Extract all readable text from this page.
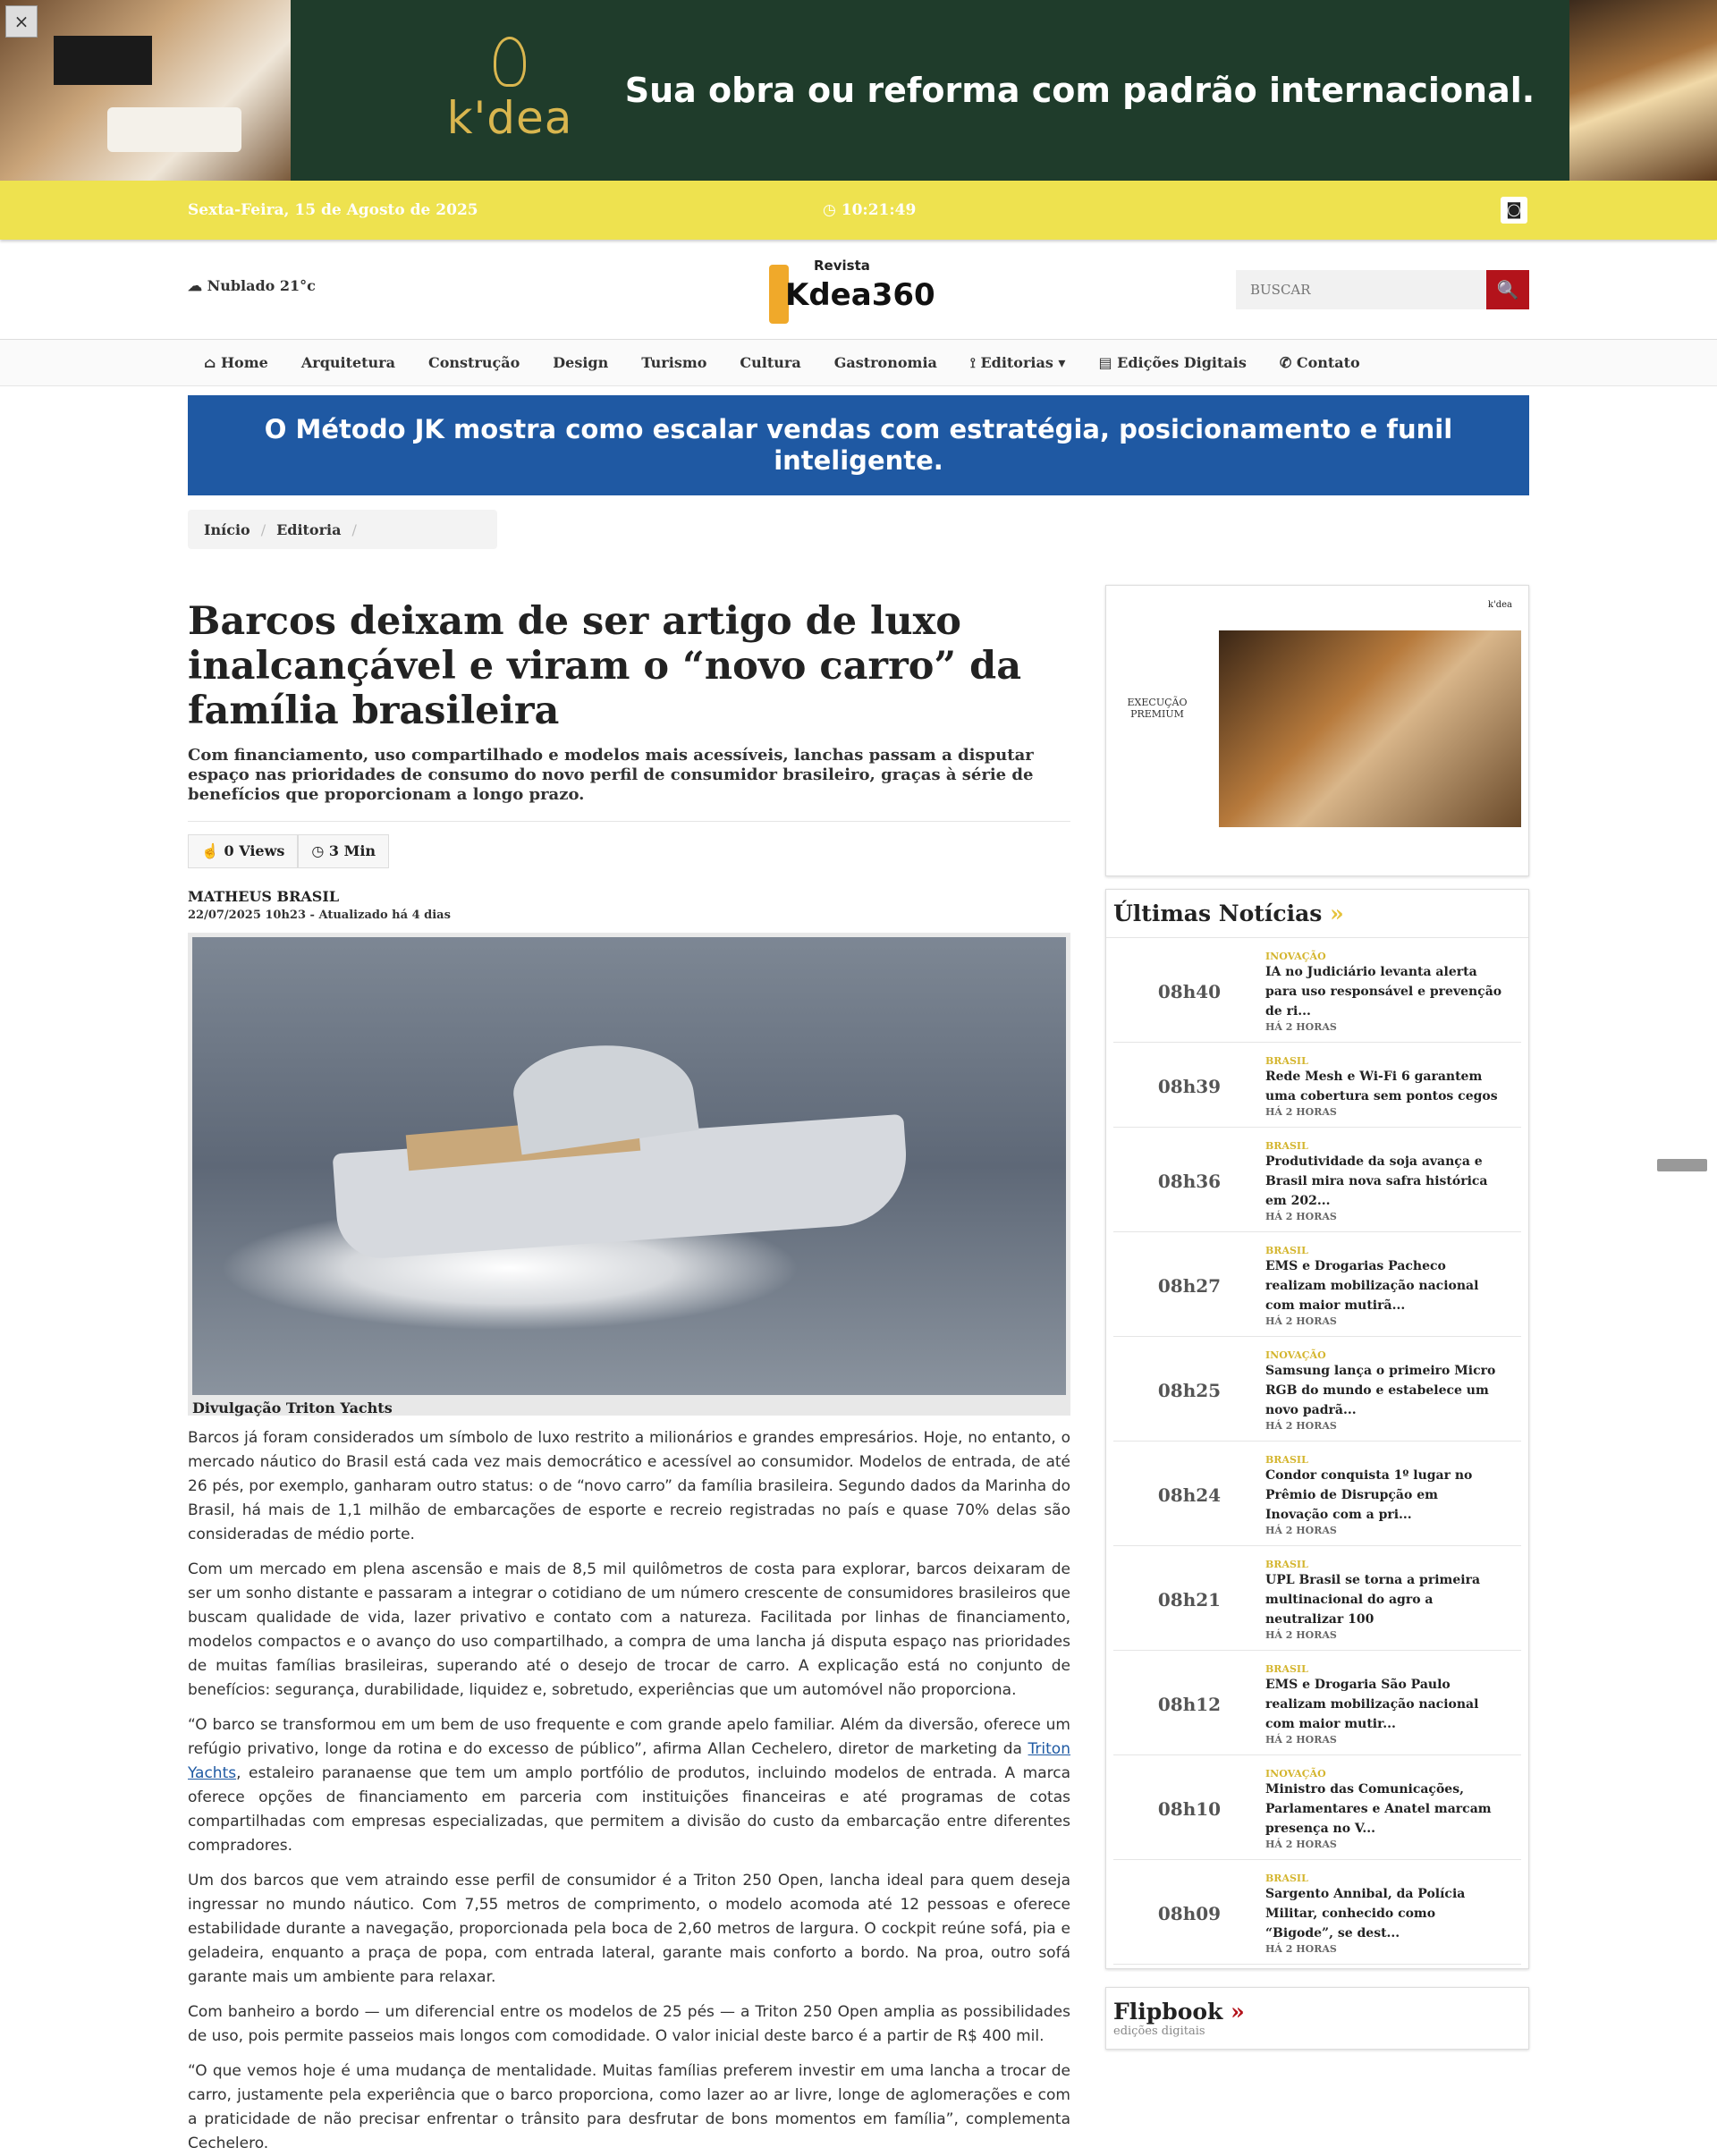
×
k'dea
Sua obra ou reforma com padrão internacional.
Sexta-Feira, 15 de Agosto de 2025	◷ 10:21:49	◙
☁ Nublado 21°c
Revista
Kdea360
BUSCAR	🔍
⌂ Home Arquitetura Construção Design Turismo Cultura Gastronomia ⟟ Editorias ▾ ▤ Edições Digitais ✆ Contato
O Método JK mostra como escalar vendas com estratégia, posicionamento e funil inteligente.
Início / Editoria /
Barcos deixam de ser artigo de luxo inalcançável e viram o “novo carro” da família brasileira
Com financiamento, uso compartilhado e modelos mais acessíveis, lanchas passam a disputar espaço nas prioridades de consumo do novo perfil de consumidor brasileiro, graças à série de benefícios que proporcionam a longo prazo.
☝ 0 Views	◷ 3 Min
MATHEUS BRASIL
22/07/2025 10h23 - Atualizado há 4 dias
Divulgação Triton Yachts

Barcos já foram considerados um símbolo de luxo restrito a milionários e grandes empresários. Hoje, no entanto, o mercado náutico do Brasil está cada vez mais democrático e acessível ao consumidor. Modelos de entrada, de até 26 pés, por exemplo, ganharam outro status: o de “novo carro” da família brasileira. Segundo dados da Marinha do Brasil, há mais de 1,1 milhão de embarcações de esporte e recreio registradas no país e quase 70% delas são consideradas de médio porte.

Com um mercado em plena ascensão e mais de 8,5 mil quilômetros de costa para explorar, barcos deixaram de ser um sonho distante e passaram a integrar o cotidiano de um número crescente de consumidores brasileiros que buscam qualidade de vida, lazer privativo e contato com a natureza. Facilitada por linhas de financiamento, modelos compactos e o avanço do uso compartilhado, a compra de uma lancha já disputa espaço nas prioridades de muitas famílias brasileiras, superando até o desejo de trocar de carro. A explicação está no conjunto de benefícios: segurança, durabilidade, liquidez e, sobretudo, experiências que um automóvel não proporciona.

“O barco se transformou em um bem de uso frequente e com grande apelo familiar. Além da diversão, oferece um refúgio privativo, longe da rotina e do excesso de público”, afirma Allan Cechelero, diretor de marketing da Triton Yachts, estaleiro paranaense que tem um amplo portfólio de produtos, incluindo modelos de entrada. A marca oferece opções de financiamento em parceria com instituições financeiras e até programas de cotas compartilhadas com empresas especializadas, que permitem a divisão do custo da embarcação entre diferentes compradores.

Um dos barcos que vem atraindo esse perfil de consumidor é a Triton 250 Open, lancha ideal para quem deseja ingressar no mundo náutico. Com 7,55 metros de comprimento, o modelo acomoda até 12 pessoas e oferece estabilidade durante a navegação, proporcionada pela boca de 2,60 metros de largura. O cockpit reúne sofá, pia e geladeira, enquanto a praça de popa, com entrada lateral, garante mais conforto a bordo. Na proa, outro sofá garante mais um ambiente para relaxar.

Com banheiro a bordo — um diferencial entre os modelos de 25 pés — a Triton 250 Open amplia as possibilidades de uso, pois permite passeios mais longos com comodidade. O valor inicial deste barco é a partir de R$ 400 mil.

“O que vemos hoje é uma mudança de mentalidade. Muitas famílias preferem investir em uma lancha a trocar de carro, justamente pela experiência que o barco proporciona, como lazer ao ar livre, longe de aglomerações e com a praticidade de não precisar enfrentar o trânsito para desfrutar de bons momentos em família”, complementa Cechelero.

k'dea
EXECUÇÃO PREMIUM
Últimas Notícias »
08h40
INOVAÇÃO
IA no Judiciário levanta alerta para uso responsável e prevenção de ri...
HÁ 2 HORAS
08h39
BRASIL
Rede Mesh e Wi-Fi 6 garantem uma cobertura sem pontos cegos
HÁ 2 HORAS
08h36
BRASIL
Produtividade da soja avança e Brasil mira nova safra histórica em 202...
HÁ 2 HORAS
08h27
BRASIL
EMS e Drogarias Pacheco realizam mobilização nacional com maior mutirã...
HÁ 2 HORAS
08h25
INOVAÇÃO
Samsung lança o primeiro Micro RGB do mundo e estabelece um novo padrã...
HÁ 2 HORAS
08h24
BRASIL
Condor conquista 1º lugar no Prêmio de Disrupção em Inovação com a pri...
HÁ 2 HORAS
08h21
BRASIL
UPL Brasil se torna a primeira multinacional do agro a neutralizar 100
HÁ 2 HORAS
08h12
BRASIL
EMS e Drogaria São Paulo realizam mobilização nacional com maior mutir...
HÁ 2 HORAS
08h10
INOVAÇÃO
Ministro das Comunicações, Parlamentares e Anatel marcam presença no V...
HÁ 2 HORAS
08h09
BRASIL
Sargento Annibal, da Polícia Militar, conhecido como “Bigode”, se dest...
HÁ 2 HORAS
Flipbook »
edições digitais
